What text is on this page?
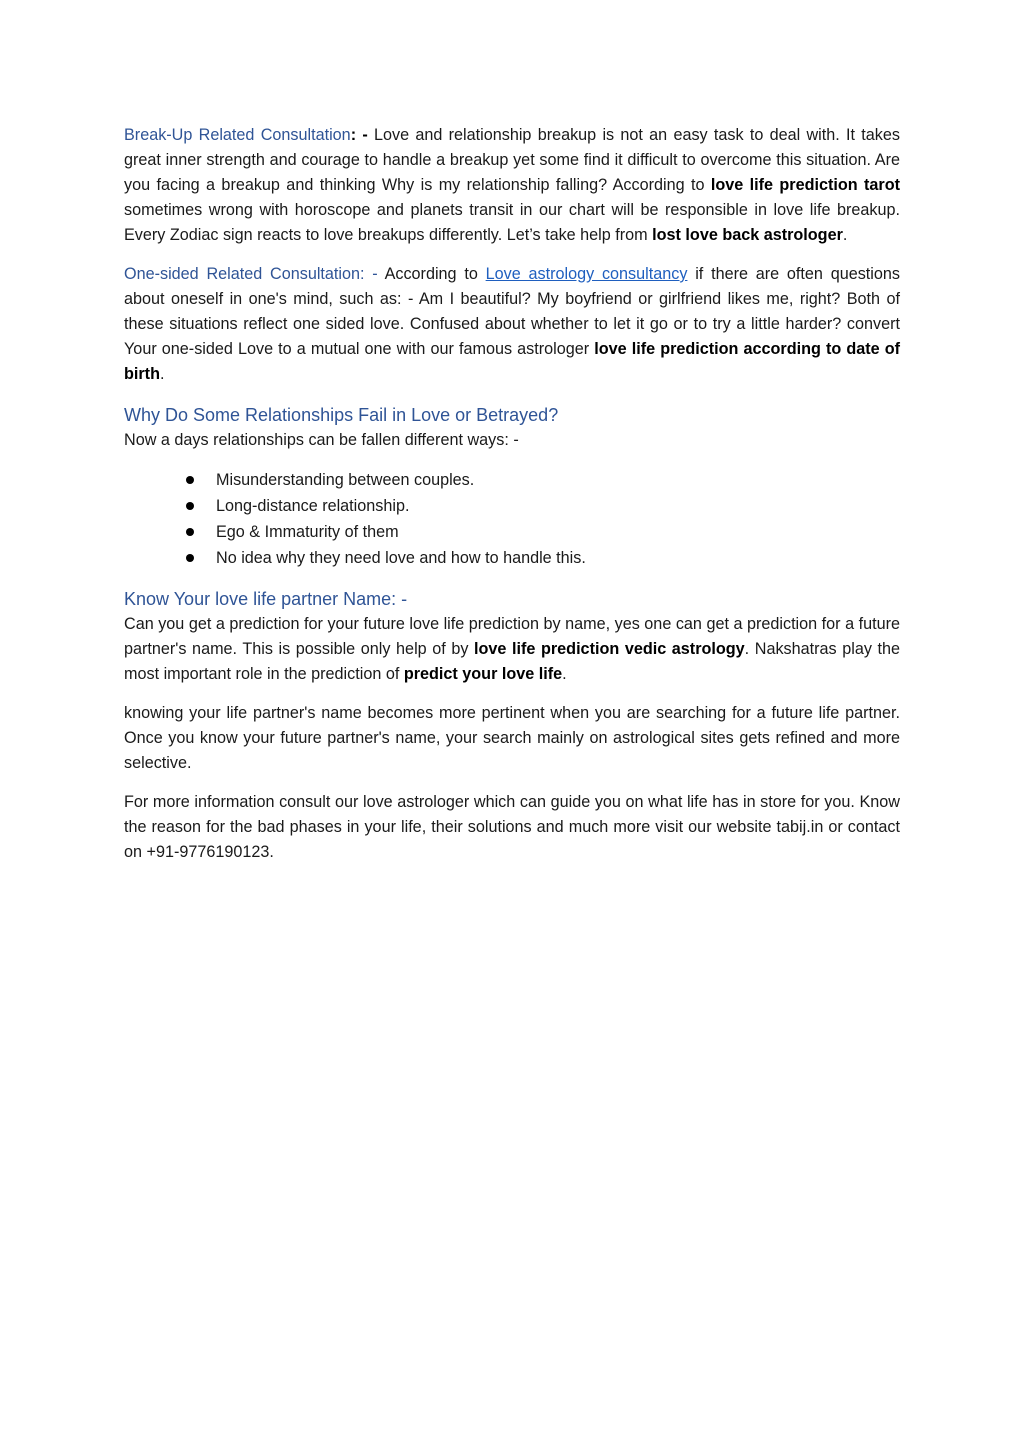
Break-Up Related Consultation: - Love and relationship breakup is not an easy task to deal with. It takes great inner strength and courage to handle a breakup yet some find it difficult to overcome this situation. Are you facing a breakup and thinking Why is my relationship falling? According to love life prediction tarot sometimes wrong with horoscope and planets transit in our chart will be responsible in love life breakup. Every Zodiac sign reacts to love breakups differently. Let’s take help from lost love back astrologer.

One-sided Related Consultation: - According to Love astrology consultancy if there are often questions about oneself in one's mind, such as: - Am I beautiful? My boyfriend or girlfriend likes me, right? Both of these situations reflect one sided love. Confused about whether to let it go or to try a little harder? convert Your one-sided Love to a mutual one with our famous astrologer love life prediction according to date of birth.

Why Do Some Relationships Fail in Love or Betrayed?

Now a days relationships can be fallen different ways: -

Misunderstanding between couples.
Long-distance relationship.
Ego & Immaturity of them
No idea why they need love and how to handle this.
Know Your love life partner Name: -

Can you get a prediction for your future love life prediction by name, yes one can get a prediction for a future partner's name. This is possible only help of by love life prediction vedic astrology. Nakshatras play the most important role in the prediction of predict your love life.

knowing your life partner's name becomes more pertinent when you are searching for a future life partner. Once you know your future partner's name, your search mainly on astrological sites gets refined and more selective.

For more information consult our love astrologer which can guide you on what life has in store for you. Know the reason for the bad phases in your life, their solutions and much more visit our website tabij.in or contact on +91-9776190123.
